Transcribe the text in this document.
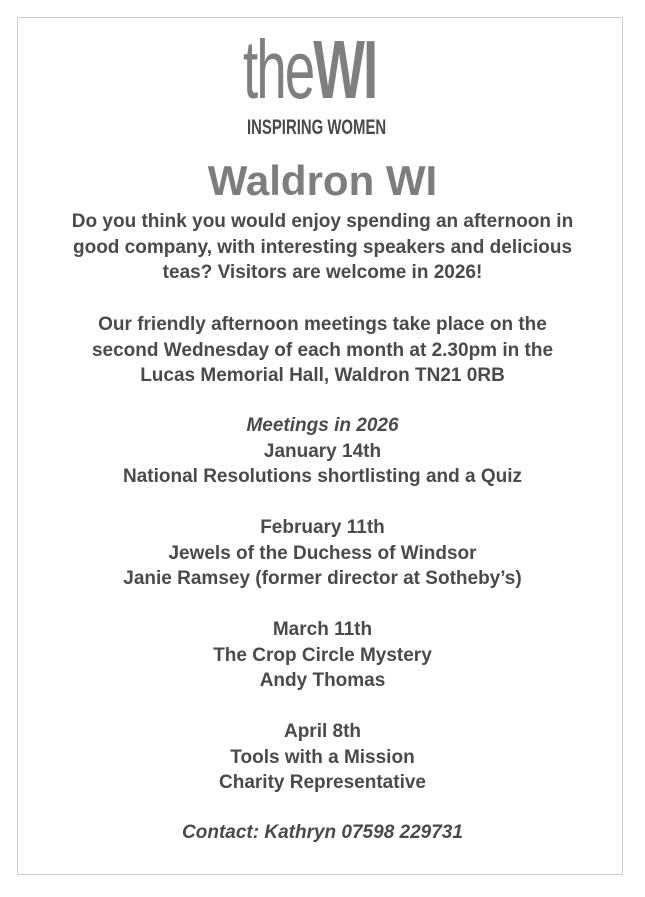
theWI
INSPIRING WOMEN
Waldron WI
Do you think you would enjoy spending an afternoon in
good company, with interesting speakers and delicious
teas? Visitors are welcome in 2026!
Our friendly afternoon meetings take place on the
second Wednesday of each month at 2.30pm in the
Lucas Memorial Hall, Waldron TN21 0RB
Meetings in 2026
January 14th
National Resolutions shortlisting and a Quiz
February 11th
Jewels of the Duchess of Windsor
Janie Ramsey (former director at Sotheby’s)
March 11th
The Crop Circle Mystery
Andy Thomas
April 8th
Tools with a Mission
Charity Representative
Contact: Kathryn 07598 229731
